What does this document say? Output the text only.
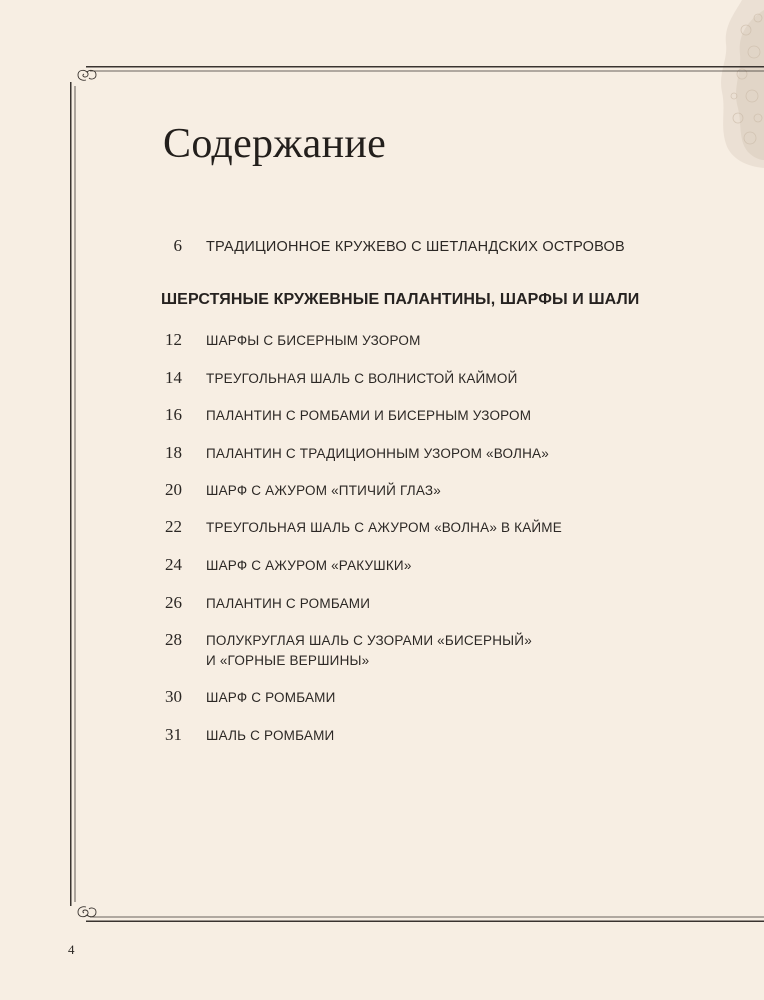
Содержание
6 ТРАДИЦИОННОЕ КРУЖЕВО С ШЕТЛАНДСКИХ ОСТРОВОВ
ШЕРСТЯНЫЕ КРУЖЕВНЫЕ ПАЛАНТИНЫ, ШАРФЫ И ШАЛИ
12 ШАРФЫ С БИСЕРНЫМ УЗОРОМ
14 ТРЕУГОЛЬНАЯ ШАЛЬ С ВОЛНИСТОЙ КАЙМОЙ
16 ПАЛАНТИН С РОМБАМИ И БИСЕРНЫМ УЗОРОМ
18 ПАЛАНТИН С ТРАДИЦИОННЫМ УЗОРОМ «ВОЛНА»
20 ШАРФ С АЖУРОМ «ПТИЧИЙ ГЛАЗ»
22 ТРЕУГОЛЬНАЯ ШАЛЬ С АЖУРОМ «ВОЛНА» В КАЙМЕ
24 ШАРФ С АЖУРОМ «РАКУШКИ»
26 ПАЛАНТИН С РОМБАМИ
28 ПОЛУКРУГЛАЯ ШАЛЬ С УЗОРАМИ «БИСЕРНЫЙ»
И «ГОРНЫЕ ВЕРШИНЫ»
30 ШАРФ С РОМБАМИ
31 ШАЛЬ С РОМБАМИ
4
